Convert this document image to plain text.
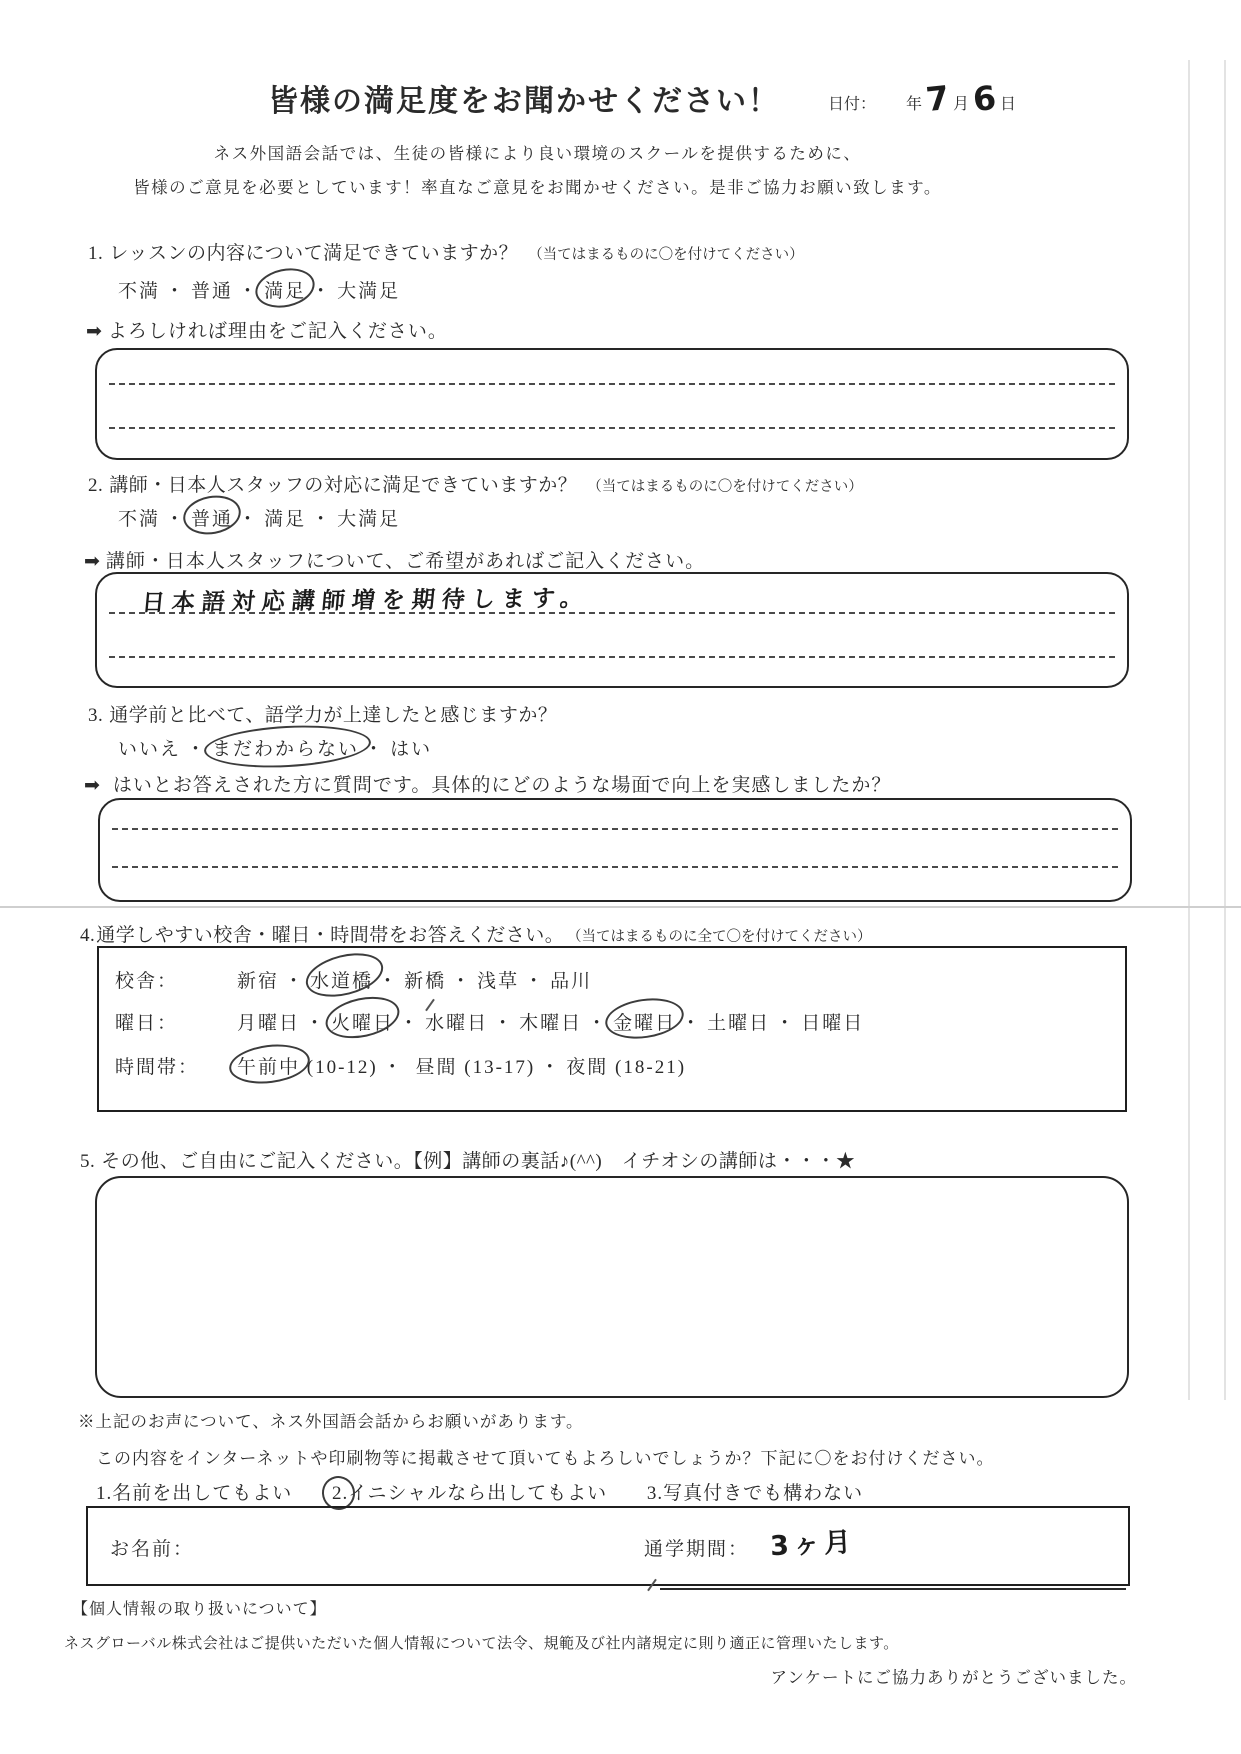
皆様の満足度をお聞かせください！	日付： 年 7 月 6 日
ネス外国語会話では、生徒の皆様により良い環境のスクールを提供するために、
皆様のご意見を必要としています！率直なご意見をお聞かせください。是非ご協力お願い致します。
1. レッスンの内容について満足できていますか？ （当てはまるものに〇を付けてください）
不満 ・ 普通 ・ 満足 ・ 大満足
➡ よろしければ理由をご記入ください。
2. 講師・日本人スタッフの対応に満足できていますか？ （当てはまるものに〇を付けてください）
不満 ・ 普通 ・ 満足 ・ 大満足
➡ 講師・日本人スタッフについて、ご希望があればご記入ください。
日本語対応講師増を期待します。
3. 通学前と比べて、語学力が上達したと感じますか？
いいえ ・ まだわからない ・ はい
➡ はいとお答えされた方に質問です。具体的にどのような場面で向上を実感しましたか？
4.通学しやすい校舎・曜日・時間帯をお答えください。 （当てはまるものに全て〇を付けてください）
校舎：	新宿 ・ 水道橋 ・ 新橋 ・ 浅草 ・ 品川
曜日：	月曜日 ・ 火曜日 ・ 水曜日 ・ 木曜日 ・ 金曜日 ・ 土曜日 ・ 日曜日
時間帯： 午前中 (10-12) ・ 昼間 (13-17) ・ 夜間 (18-21)
5. その他、ご自由にご記入ください。【例】講師の裏話♪(^^)　イチオシの講師は・・・★
※上記のお声について、ネス外国語会話からお願いがあります。
この内容をインターネットや印刷物等に掲載させて頂いてもよろしいでしょうか？下記に〇をお付けください。
1.名前を出してもよい 2.
イニシャルなら出してもよい 3.写真付きでも構わない
お名前：	通学期間： 3ヶ月
【個人情報の取り扱いについて】
ネスグローバル株式会社はご提供いただいた個人情報について法令、規範及び社内諸規定に則り適正に管理いたします。
アンケートにご協力ありがとうございました。
